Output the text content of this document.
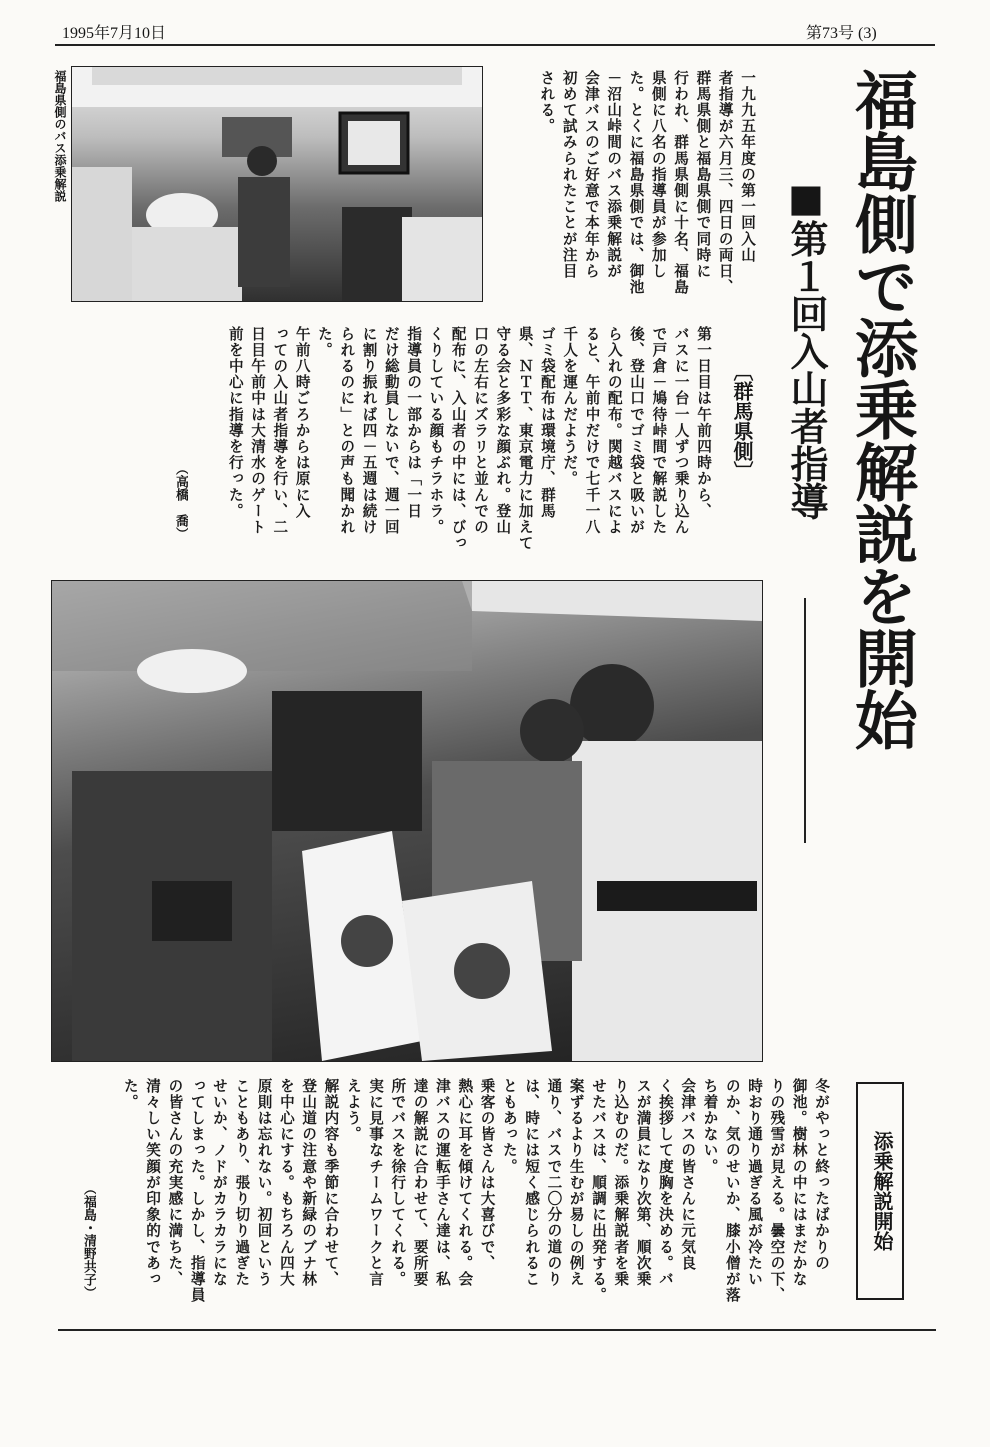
1995年7月10日	第73号 (3)
福島県側のバス添乗解説	一九九五年度の第一回入山
者指導が六月三、四日の両日、
群馬県側と福島県側で同時に
行われ、群馬県側に十名、福島
県側に八名の指導員が参加し
た。とくに福島県側では、御池
－沼山峠間のバス添乗解説が
会津バスのご好意で本年から
初めて試みられたことが注目
される。	福島側で添乗解説を開始
■第１回入山者指導
〔群馬県側〕
第一日目は午前四時から、
バスに一台一人ずつ乗り込ん
で戸倉－鳩待峠間で解説した
後、登山口でゴミ袋と吸いが
ら入れの配布。関越バスによ
ると、午前中だけで七千一八
千人を運んだようだ。
ゴミ袋配布は環境庁、群馬
県、ＮＴＴ、東京電力に加えて
守る会と多彩な顔ぶれ。登山
口の左右にズラリと並んでの
配布に、入山者の中には、びっ
くりしている顔もチラホラ。
指導員の一部からは「一日
だけ総動員しないで、週一回
に割り振れば四－五週は続け
られるのに」との声も聞かれ
た。
午前八時ごろからは原に入
っての入山者指導を行い、二
日目午前中は大清水のゲート
前を中心に指導を行った。
（高橋　喬）
添乗解説開始
冬がやっと終ったばかりの
御池。樹林の中にはまだかな
りの残雪が見える。曇空の下、
時おり通り過ぎる風が冷たい
のか、気のせいか、膝小僧が落
ち着かない。
会津バスの皆さんに元気良
く挨拶して度胸を決める。バ
スが満員になり次第、順次乗
り込むのだ。添乗解説者を乗
せたバスは、順調に出発する。
案ずるより生むが易しの例え
通り、バスで二〇分の道のり
は、時には短く感じられるこ
ともあった。
乗客の皆さんは大喜びで、
熱心に耳を傾けてくれる。会
津バスの運転手さん達は、私
達の解説に合わせて、要所要
所でバスを徐行してくれる。
実に見事なチームワークと言
えよう。
解説内容も季節に合わせて、
登山道の注意や新緑のブナ林
を中心にする。もちろん四大
原則は忘れない。初回という
こともあり、張り切り過ぎた
せいか、ノドがカラカラにな
ってしまった。しかし、指導員
の皆さんの充実感に満ちた、
清々しい笑顔が印象的であっ
た。
（福島・清野共子）
